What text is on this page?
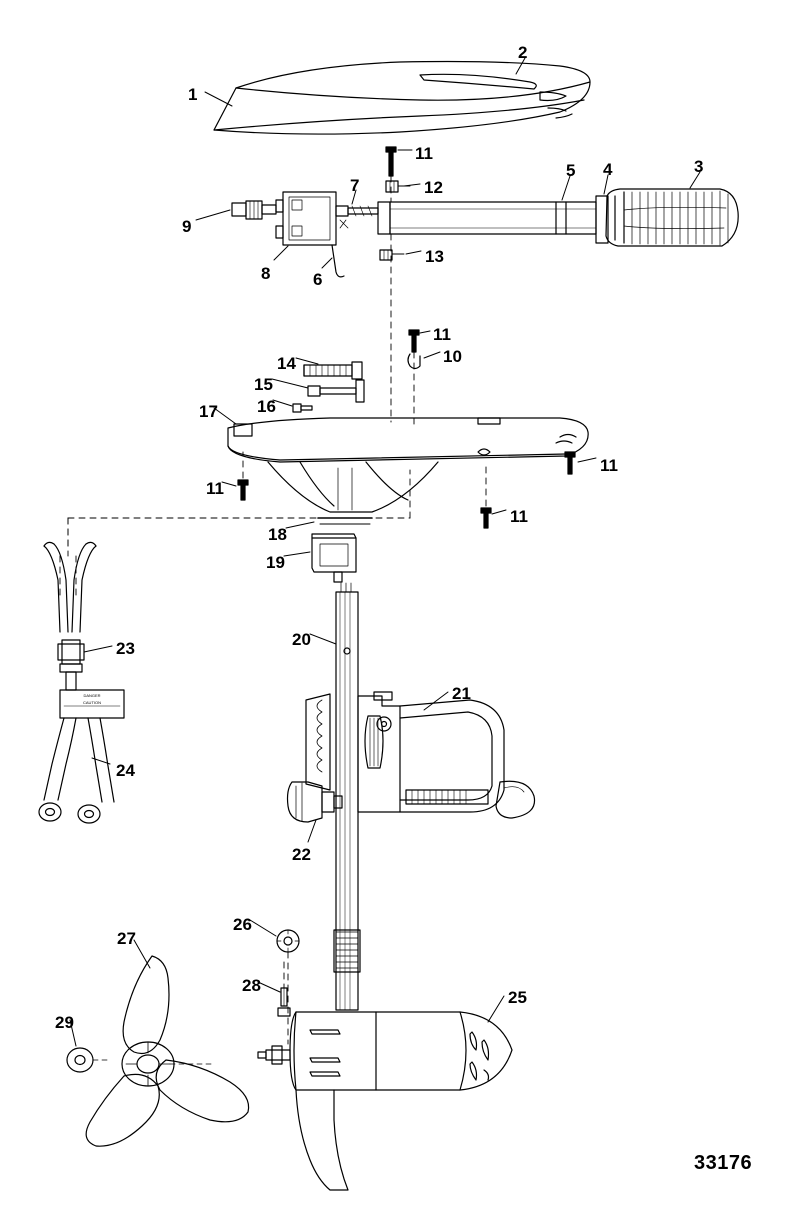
DANGER
CAUTION
1
2
3
4
5
6
7
8
9
10
11
11
11
11
11
12
13
14
15
16
17
18
19
20
21
22
23
24
25
26
27
28
29
33176
